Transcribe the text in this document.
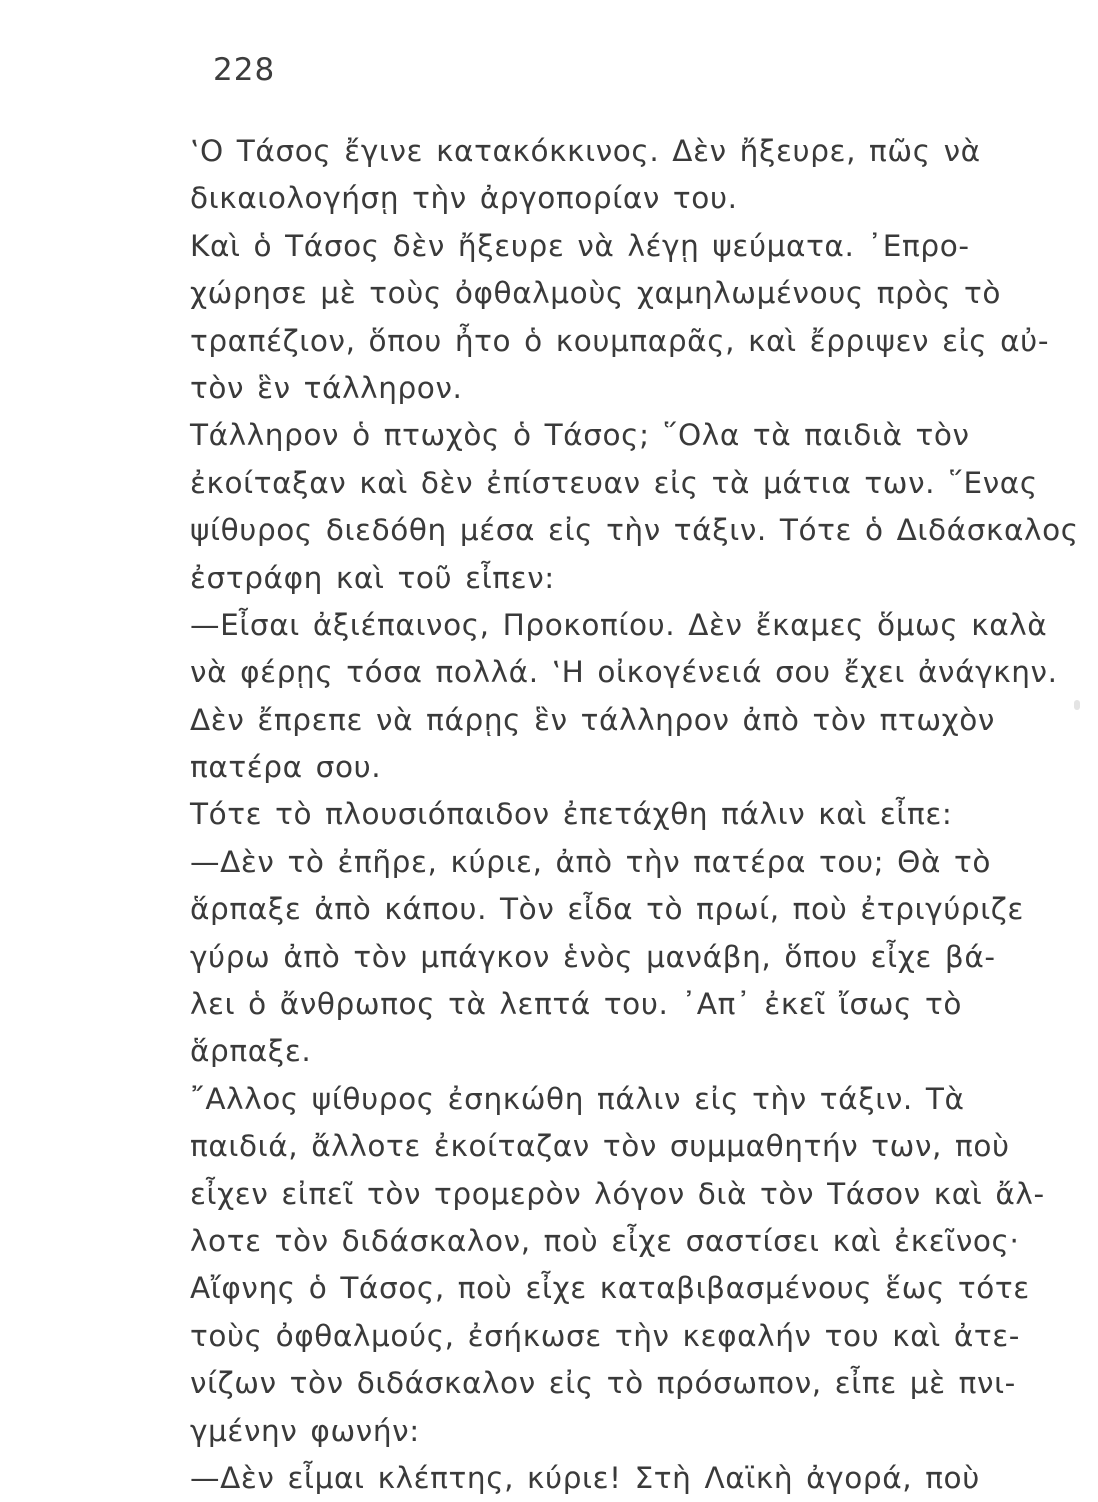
228
‛Ο Τάσος ἔγινε κατακόκκινος. Δὲν ἤξευρε, πῶς νὰ
δικαιολογήσῃ τὴν ἀργοπορίαν του.
Καὶ ὁ Τάσος δὲν ἤξευρε νὰ λέγῃ ψεύματα. ᾿Επρο-
χώρησε μὲ τοὺς ὀφθαλμοὺς χαμηλωμένους πρὸς τὸ
τραπέζιον, ὅπου ἦτο ὁ κουμπαρᾶς, καὶ ἔρριψεν εἰς αὐ-
τὸν ἓν τάλληρον.
Τάλληρον ὁ πτωχὸς ὁ Τάσος; ῞Ολα τὰ παιδιὰ τὸν
ἐκοίταξαν καὶ δὲν ἐπίστευαν εἰς τὰ μάτια των. ῞Ενας
ψίθυρος διεδόθη μέσα εἰς τὴν τάξιν. Τότε ὁ Διδάσκαλος
ἐστράφη καὶ τοῦ εἶπεν:
—Εἶσαι ἀξιέπαινος, Προκοπίου. Δὲν ἔκαμες ὅμως καλὰ
νὰ φέρῃς τόσα πολλά. ‛Η οἰκογένειά σου ἔχει ἀνάγκην.
Δὲν ἔπρεπε νὰ πάρῃς ἓν τάλληρον ἀπὸ τὸν πτωχὸν
πατέρα σου.
Τότε τὸ πλουσιόπαιδον ἐπετάχθη πάλιν καὶ εἶπε:
—Δὲν τὸ ἐπῆρε, κύριε, ἀπὸ τὴν πατέρα του; Θὰ τὸ
ἅρπαξε ἀπὸ κάπου. Τὸν εἶδα τὸ πρωί, ποὺ ἐτριγύριζε
γύρω ἀπὸ τὸν μπάγκον ἑνὸς μανάβη, ὅπου εἶχε βά-
λει ὁ ἄνθρωπος τὰ λεπτά του. ᾿Απ᾿ ἐκεῖ ἴσως τὸ
ἅρπαξε.
῎Αλλος ψίθυρος ἐσηκώθη πάλιν εἰς τὴν τάξιν. Τὰ
παιδιά, ἄλλοτε ἐκοίταζαν τὸν συμμαθητήν των, ποὺ
εἶχεν εἰπεῖ τὸν τρομερὸν λόγον διὰ τὸν Τάσον καὶ ἄλ-
λοτε τὸν διδάσκαλον, ποὺ εἶχε σαστίσει καὶ ἐκεῖνος·
Αἴφνης ὁ Τάσος, ποὺ εἶχε καταβιβασμένους ἕως τότε
τοὺς ὀφθαλμούς, ἐσήκωσε τὴν κεφαλήν του καὶ ἀτε-
νίζων τὸν διδάσκαλον εἰς τὸ πρόσωπον, εἶπε μὲ πνι-
γμένην φωνήν:
—Δὲν εἶμαι κλέπτης, κύριε! Στὴ Λαϊκὴ ἀγορά, ποὺ
